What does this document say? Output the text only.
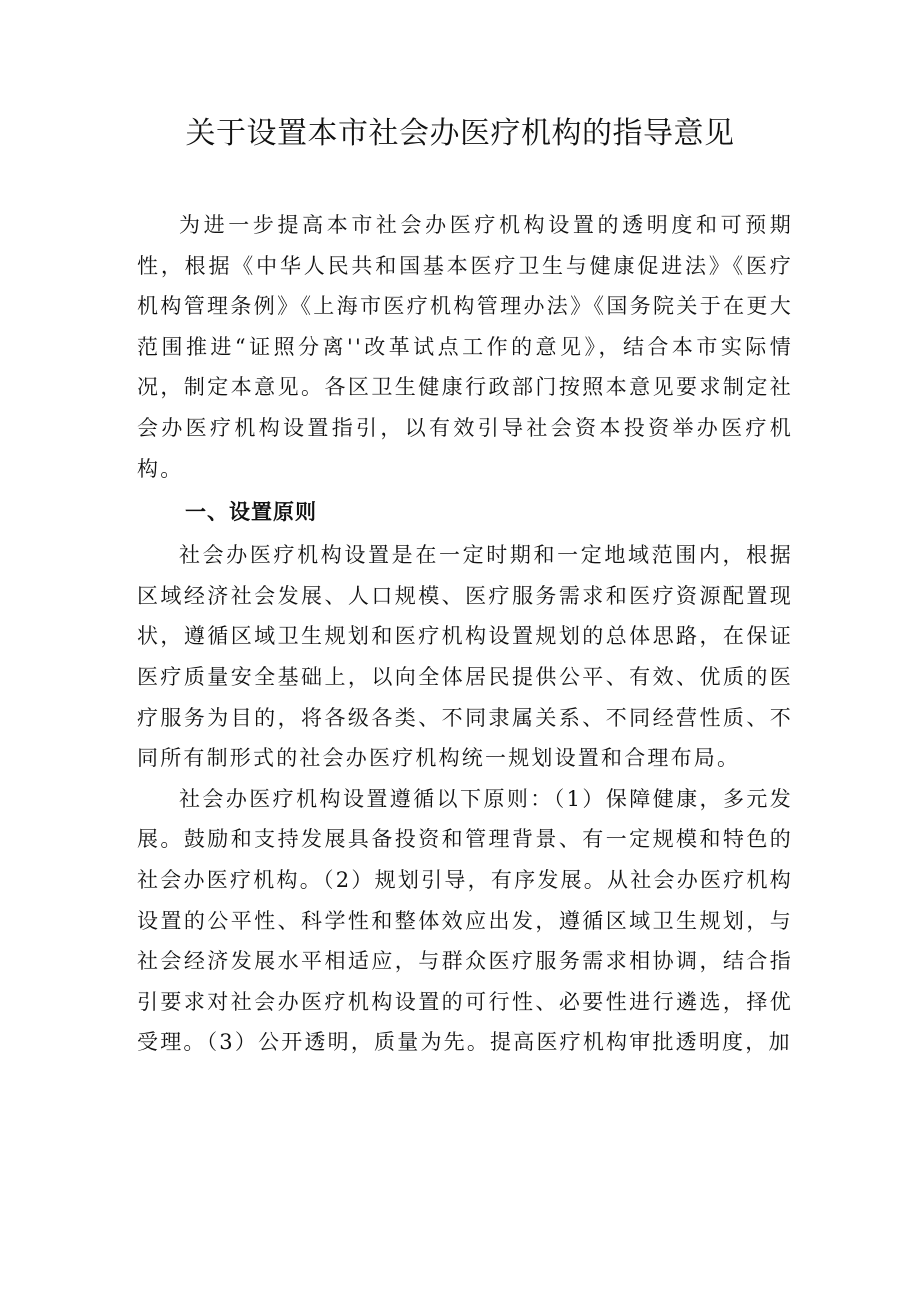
关于设置本市社会办医疗机构的指导意见

为进一步提高本市社会办医疗机构设置的透明度和可预期性，根据《中华人民共和国基本医疗卫生与健康促进法》《医疗机构管理条例》《上海市医疗机构管理办法》《国务院关于在更大范围推进“证照分离''改革试点工作的意见》，结合本市实际情况，制定本意见。各区卫生健康行政部门按照本意见要求制定社会办医疗机构设置指引，以有效引导社会资本投资举办医疗机构。

一、设置原则

社会办医疗机构设置是在一定时期和一定地域范围内，根据区域经济社会发展、人口规模、医疗服务需求和医疗资源配置现状，遵循区域卫生规划和医疗机构设置规划的总体思路，在保证医疗质量安全基础上，以向全体居民提供公平、有效、优质的医疗服务为目的，将各级各类、不同隶属关系、不同经营性质、不同所有制形式的社会办医疗机构统一规划设置和合理布局。

社会办医疗机构设置遵循以下原则：（1）保障健康，多元发展。鼓励和支持发展具备投资和管理背景、有一定规模和特色的社会办医疗机构。（2）规划引导，有序发展。从社会办医疗机构设置的公平性、科学性和整体效应出发，遵循区域卫生规划，与社会经济发展水平相适应，与群众医疗服务需求相协调，结合指引要求对社会办医疗机构设置的可行性、必要性进行遴选，择优受理。（3）公开透明，质量为先。提高医疗机构审批透明度，加
